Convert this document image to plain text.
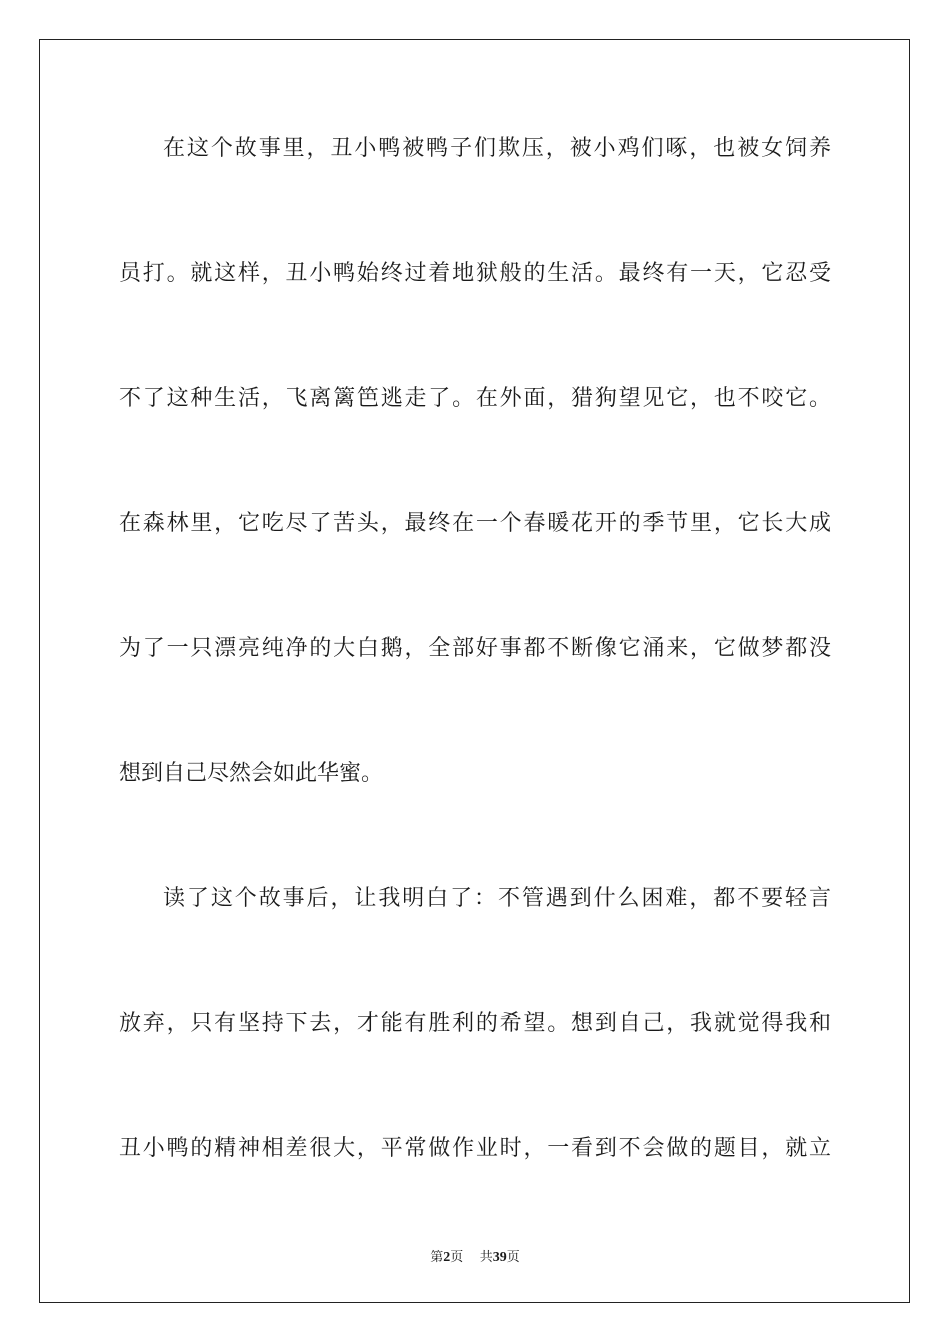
在这个故事里，丑小鸭被鸭子们欺压，被小鸡们啄，也被女饲养
员打。就这样，丑小鸭始终过着地狱般的生活。最终有一天，它忍受
不了这种生活，飞离篱笆逃走了。在外面，猎狗望见它，也不咬它。
在森林里，它吃尽了苦头，最终在一个春暖花开的季节里，它长大成
为了一只漂亮纯净的大白鹅，全部好事都不断像它涌来，它做梦都没
想到自己尽然会如此华蜜。
读了这个故事后，让我明白了：不管遇到什么困难，都不要轻言
放弃，只有坚持下去，才能有胜利的希望。想到自己，我就觉得我和
丑小鸭的精神相差很大，平常做作业时，一看到不会做的题目，就立
第2页 共39页
